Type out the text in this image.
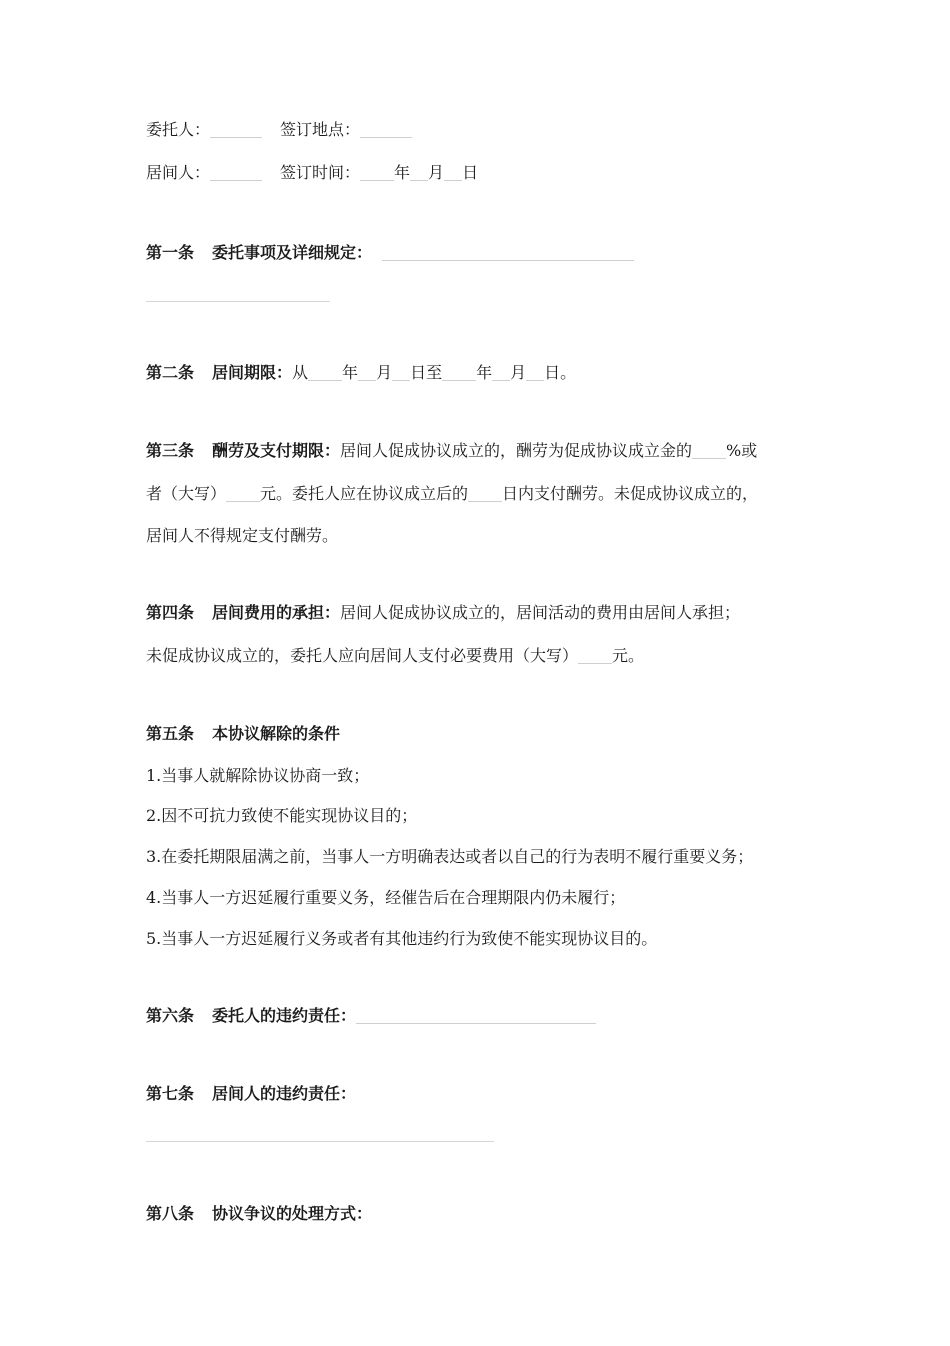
委托人：	签订地点：
居间人：	签订时间： 年 月 日
第一条 委托事项及详细规定：
第二条 居间期限：从 年 月 日至 年 月 日。
第三条 酬劳及支付期限：居间人促成协议成立的，酬劳为促成协议成立金的 %或
者（大写） 元。委托人应在协议成立后的 日内支付酬劳。未促成协议成立的，
居间人不得规定支付酬劳。
第四条 居间费用的承担：居间人促成协议成立的，居间活动的费用由居间人承担；
未促成协议成立的，委托人应向居间人支付必要费用（大写） 元。
第五条 本协议解除的条件
1.当事人就解除协议协商一致；
2.因不可抗力致使不能实现协议目的；
3.在委托期限届满之前，当事人一方明确表达或者以自己的行为表明不履行重要义务；
4.当事人一方迟延履行重要义务，经催告后在合理期限内仍未履行；
5.当事人一方迟延履行义务或者有其他违约行为致使不能实现协议目的。
第六条 委托人的违约责任：
第七条 居间人的违约责任：
第八条 协议争议的处理方式：
